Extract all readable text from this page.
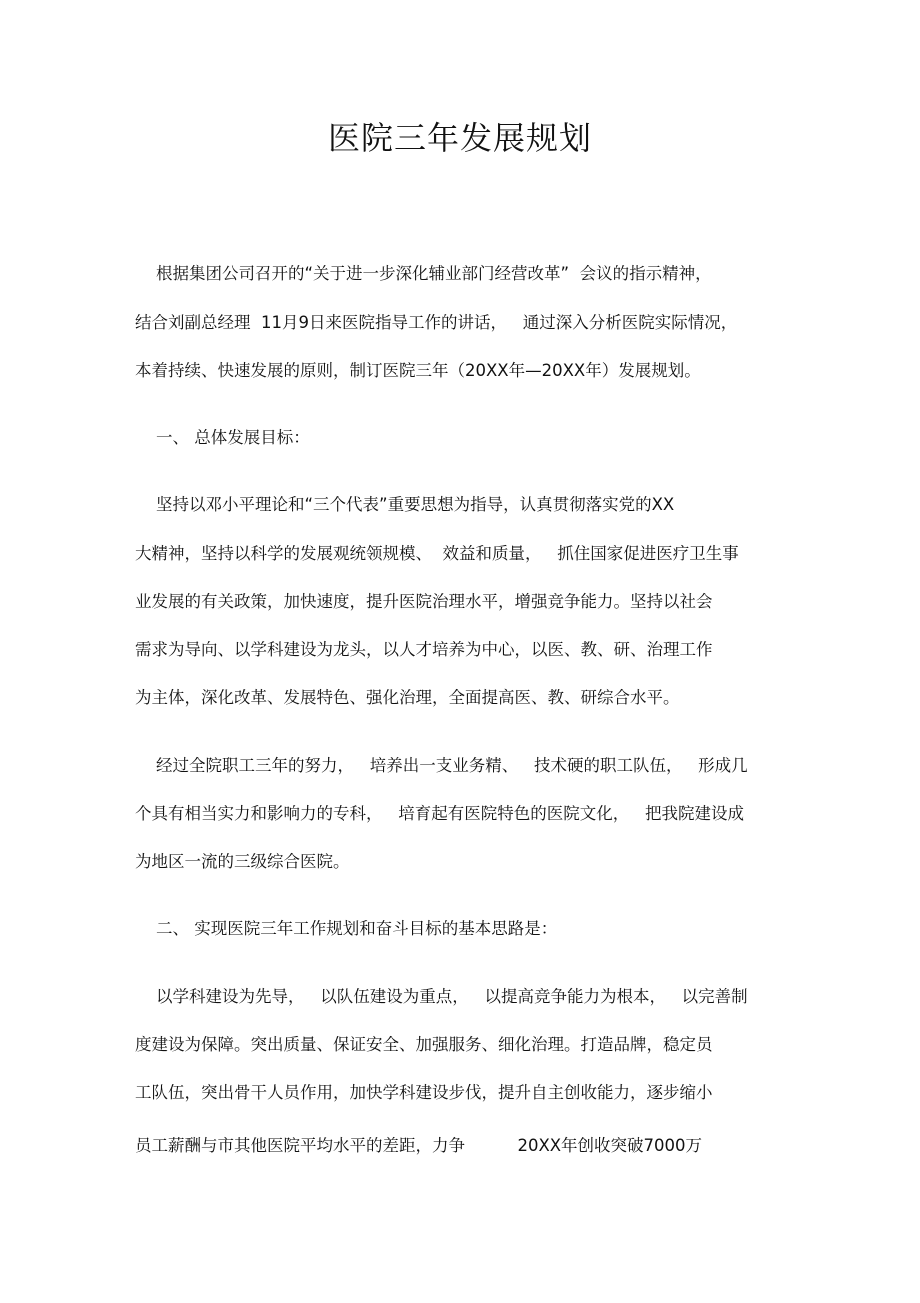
医院三年发展规划
根据集团公司召开的“关于进一步深化辅业部门经营改革”  会议的指示精神，
结合刘副总经理  11月9日来医院指导工作的讲话，   通过深入分析医院实际情况，
本着持续、快速发展的原则，制订医院三年（20XX年—20XX年）发展规划。
一、 总体发展目标：
坚持以邓小平理论和“三个代表”重要思想为指导，认真贯彻落实党的XX
大精神，坚持以科学的发展观统领规模、  效益和质量，   抓住国家促进医疗卫生事
业发展的有关政策，加快速度，提升医院治理水平，增强竞争能力。坚持以社会
需求为导向、以学科建设为龙头，以人才培养为中心，以医、教、研、治理工作
为主体，深化改革、发展特色、强化治理，全面提高医、教、研综合水平。
经过全院职工三年的努力，   培养出一支业务精、   技术硬的职工队伍，   形成几
个具有相当实力和影响力的专科，   培育起有医院特色的医院文化，   把我院建设成
为地区一流的三级综合医院。
二、 实现医院三年工作规划和奋斗目标的基本思路是：
以学科建设为先导，   以队伍建设为重点，   以提高竞争能力为根本，   以完善制
度建设为保障。突出质量、保证安全、加强服务、细化治理。打造品牌，稳定员
工队伍，突出骨干人员作用，加快学科建设步伐，提升自主创收能力，逐步缩小
员工薪酬与市其他医院平均水平的差距，力争          20XX年创收突破7000万
